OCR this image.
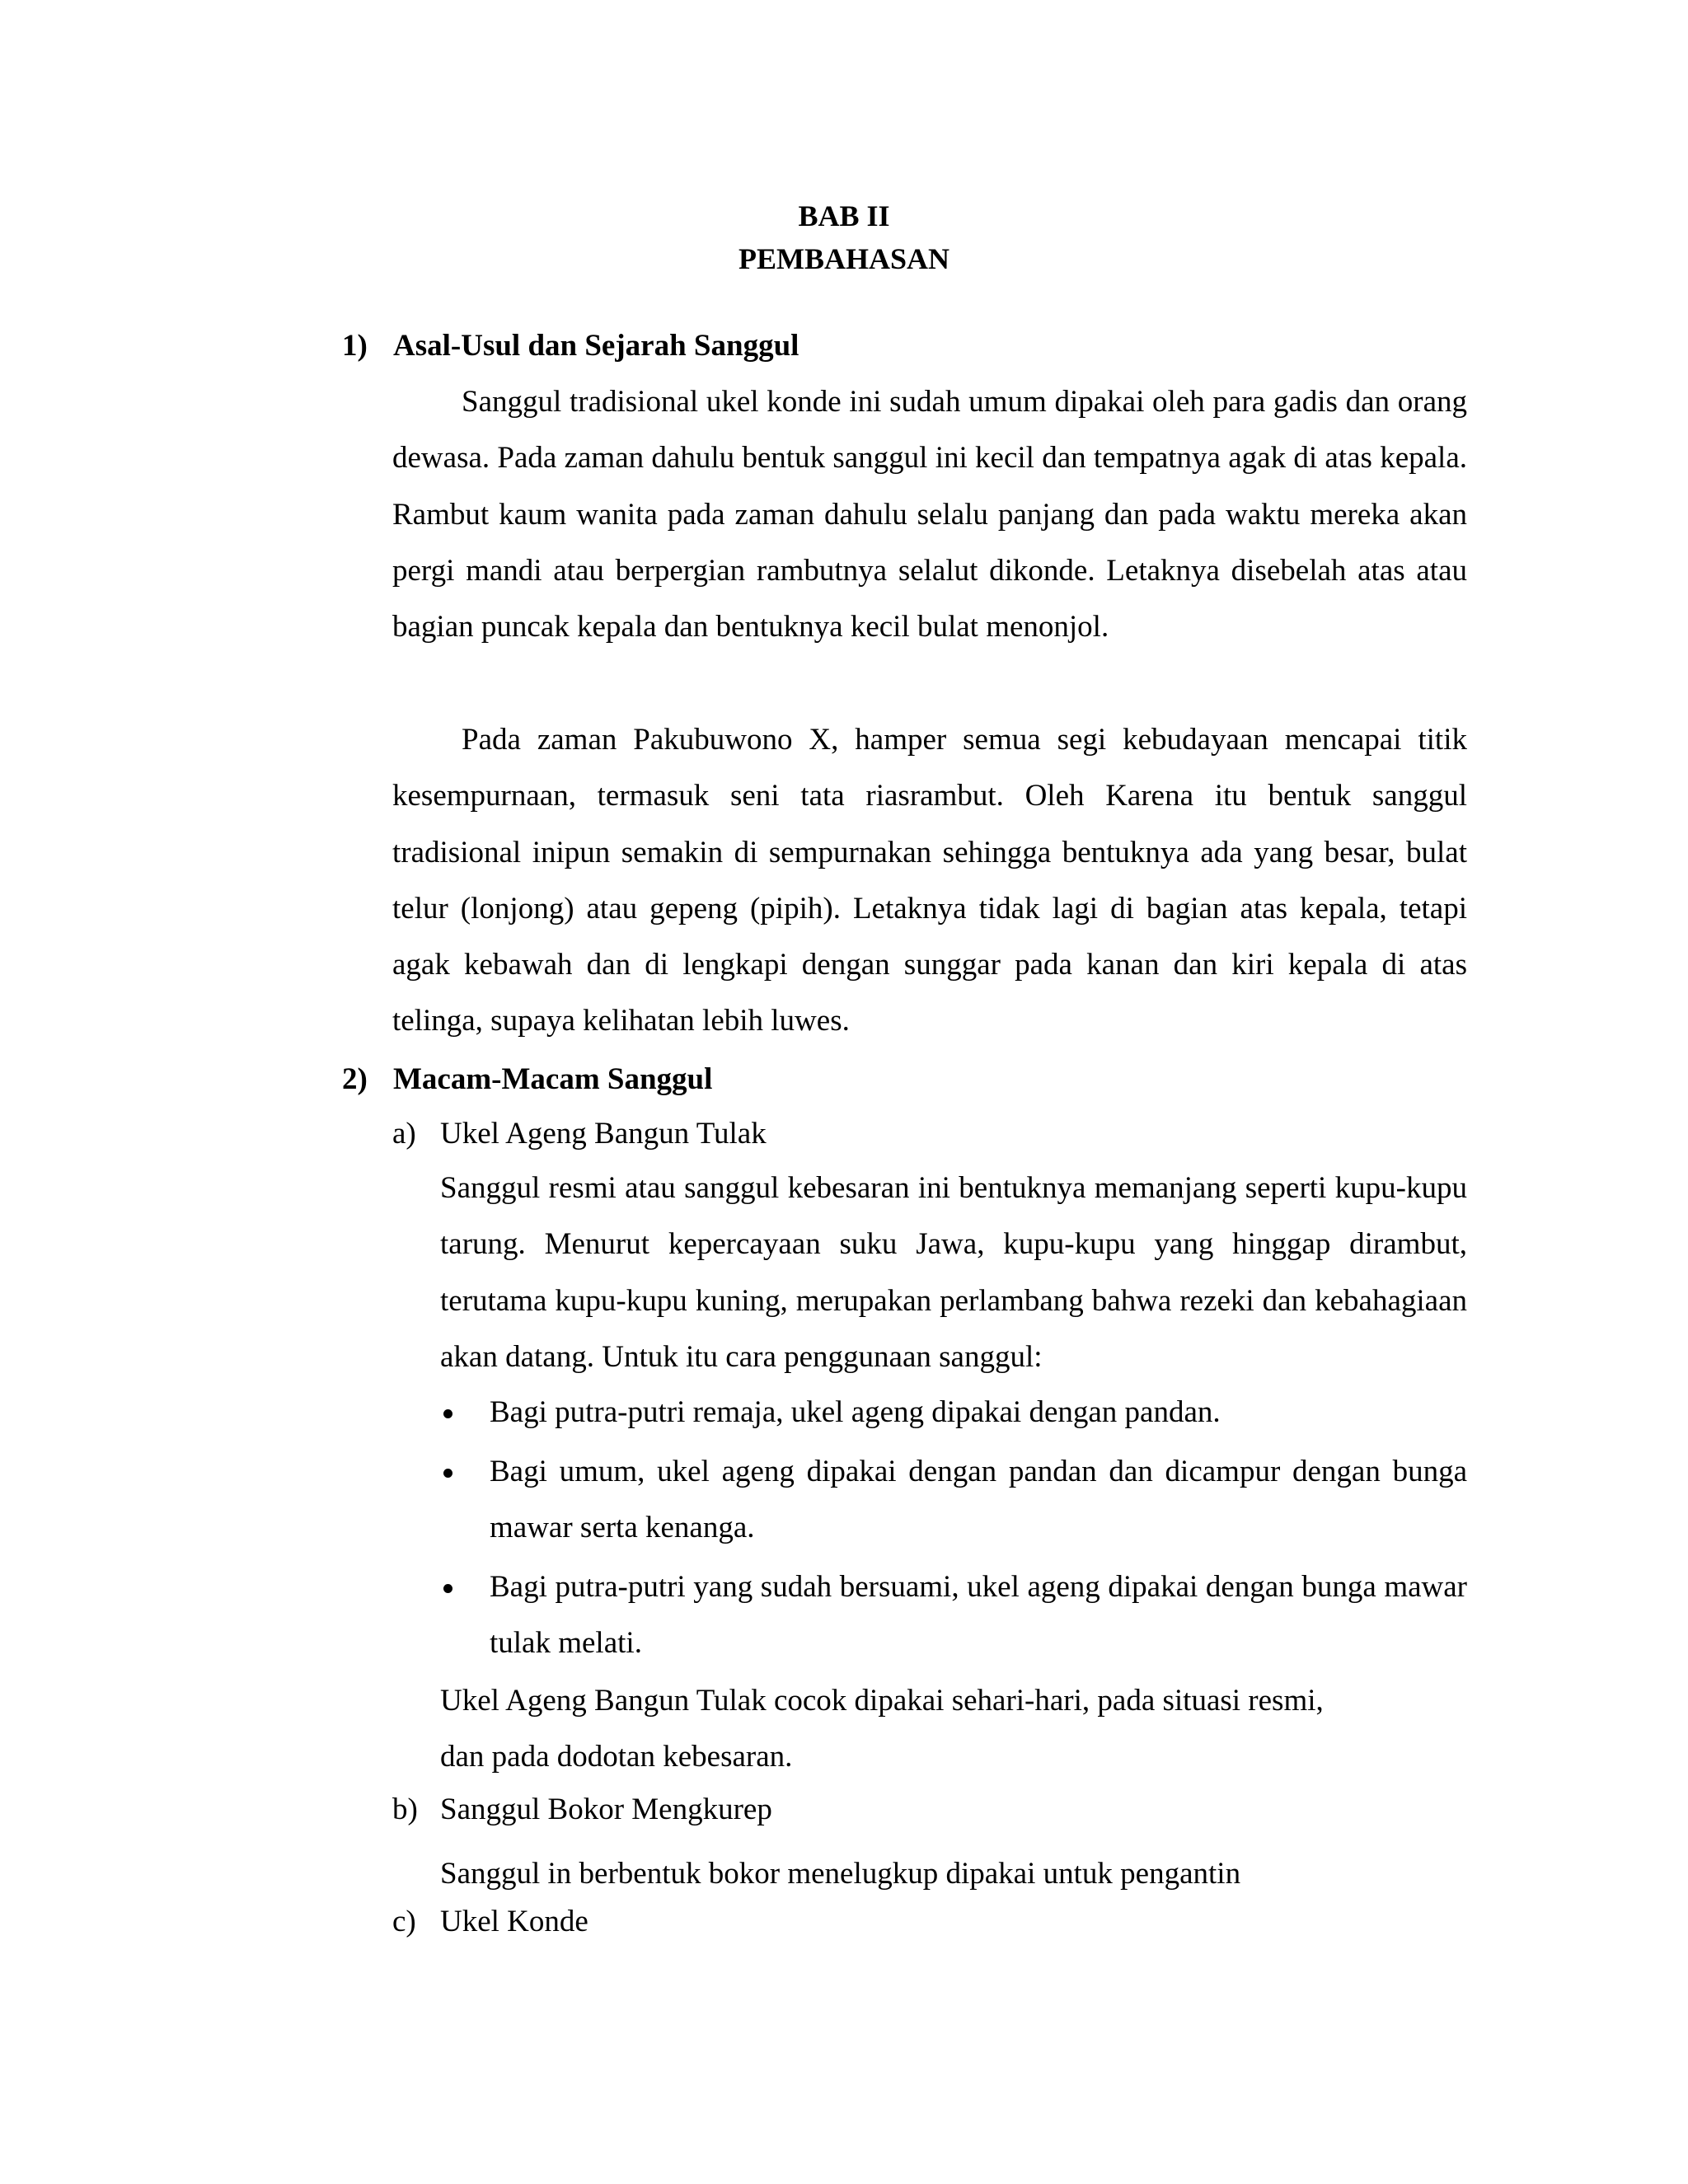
BAB II
PEMBAHASAN
1) Asal-Usul dan Sejarah Sanggul

Sanggul tradisional ukel konde ini sudah umum dipakai oleh para gadis dan orang dewasa. Pada zaman dahulu bentuk sanggul ini kecil dan tempatnya agak di atas kepala. Rambut kaum wanita pada zaman dahulu selalu panjang dan pada waktu mereka akan pergi mandi atau berpergian rambutnya selalut dikonde. Letaknya disebelah atas atau bagian puncak kepala dan bentuknya kecil bulat menonjol.

Pada zaman Pakubuwono X, hamper semua segi kebudayaan mencapai titik kesempurnaan, termasuk seni tata riasrambut. Oleh Karena itu bentuk sanggul tradisional inipun semakin di sempurnakan sehingga bentuknya ada yang besar, bulat telur (lonjong) atau gepeng (pipih). Letaknya tidak lagi di bagian atas kepala, tetapi agak kebawah dan di lengkapi dengan sunggar pada kanan dan kiri kepala di atas telinga, supaya kelihatan lebih luwes.

2) Macam-Macam Sanggul
a) Ukel Ageng Bangun Tulak

Sanggul resmi atau sanggul kebesaran ini bentuknya memanjang seperti kupu-kupu tarung. Menurut kepercayaan suku Jawa, kupu-kupu yang hinggap dirambut, terutama kupu-kupu kuning, merupakan perlambang bahwa rezeki dan kebahagiaan akan datang. Untuk itu cara penggunaan sanggul:

Bagi putra-putri remaja, ukel ageng dipakai dengan pandan.
Bagi umum, ukel ageng dipakai dengan pandan dan dicampur dengan bunga mawar serta kenanga.
Bagi putra-putri yang sudah bersuami, ukel ageng dipakai dengan bunga mawar tulak melati.

Ukel Ageng Bangun Tulak cocok dipakai sehari-hari, pada situasi resmi,

dan pada dodotan kebesaran.

b) Sanggul Bokor Mengkurep

Sanggul in berbentuk bokor menelugkup dipakai untuk pengantin

c) Ukel Konde
